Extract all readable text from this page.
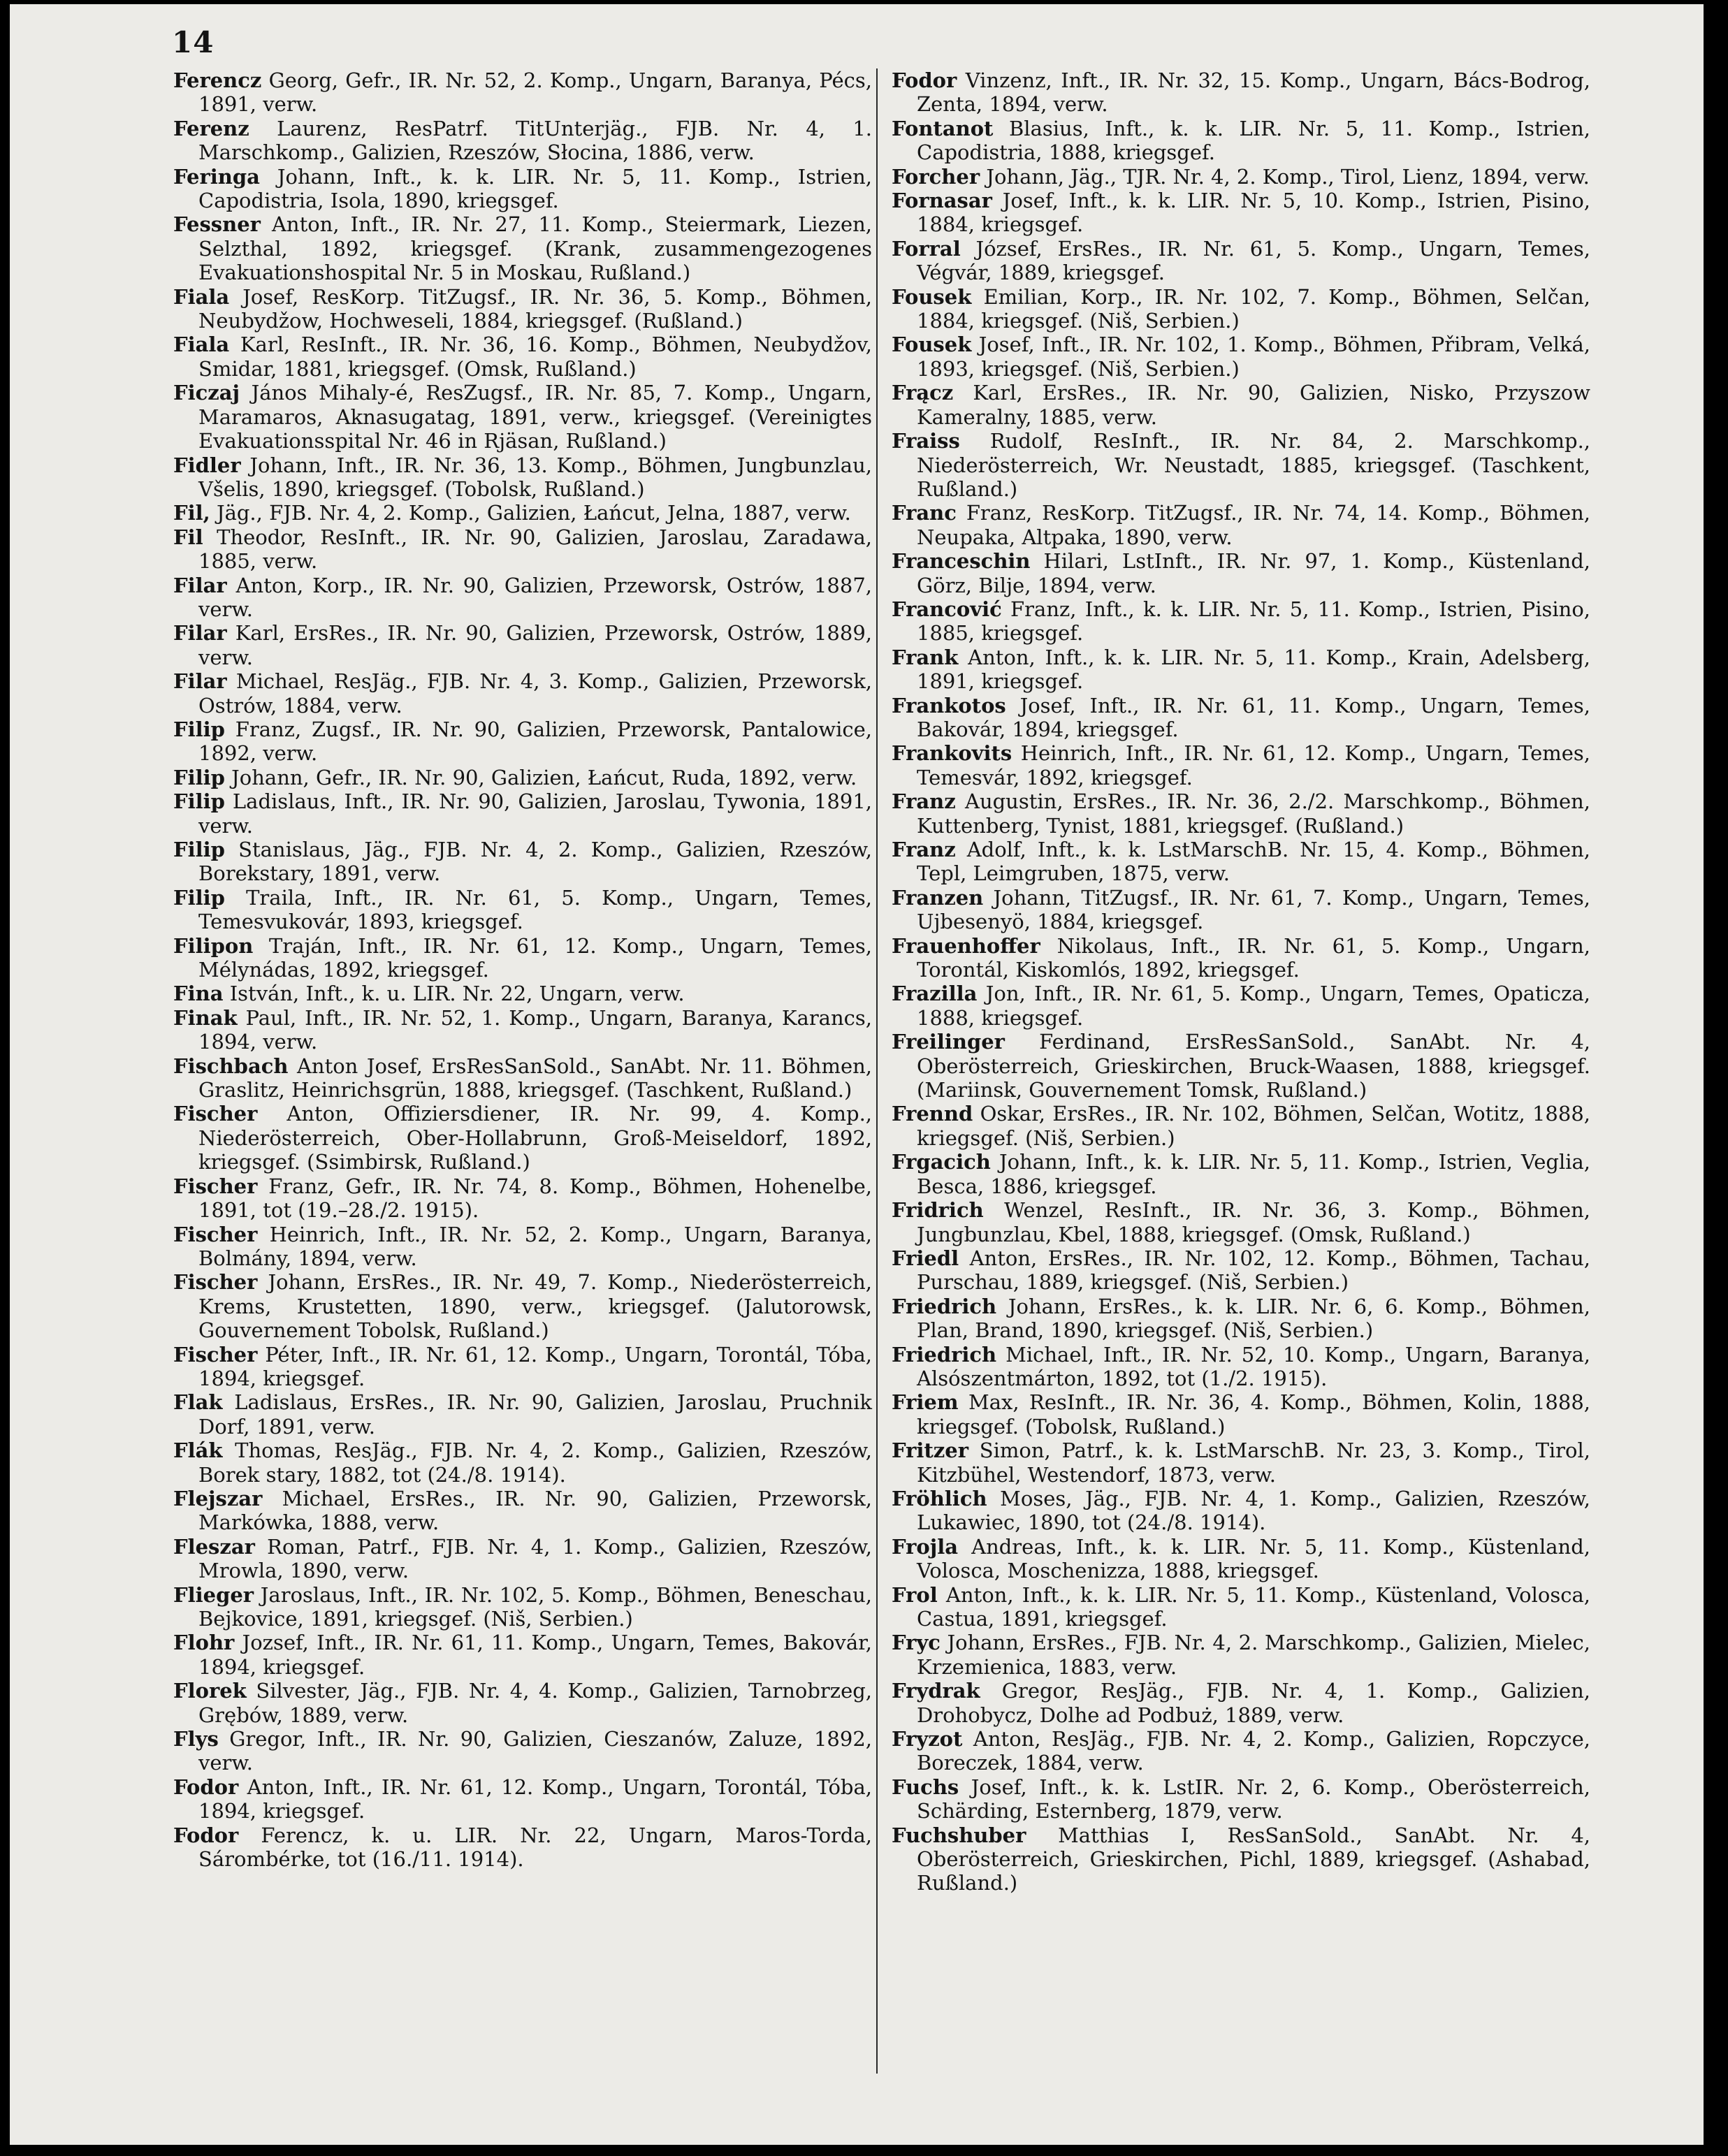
14

Ferencz Georg, Gefr., IR. Nr. 52, 2. Komp., Ungarn, Baranya, Pécs, 1891, verw.

Ferenz Laurenz, ResPatrf. TitUnterjäg., FJB. Nr. 4, 1. Marschkomp., Galizien, Rzeszów, Słocina, 1886, verw.

Feringa Johann, Inft., k. k. LIR. Nr. 5, 11. Komp., Istrien, Capodistria, Isola, 1890, kriegsgef.

Fessner Anton, Inft., IR. Nr. 27, 11. Komp., Steiermark, Liezen, Selzthal, 1892, kriegsgef. (Krank, zusammengezogenes Evakuationshospital Nr. 5 in Moskau, Rußland.)

Fiala Josef, ResKorp. TitZugsf., IR. Nr. 36, 5. Komp., Böhmen, Neubydžow, Hochweseli, 1884, kriegsgef. (Rußland.)

Fiala Karl, ResInft., IR. Nr. 36, 16. Komp., Böhmen, Neubydžov, Smidar, 1881, kriegsgef. (Omsk, Rußland.)

Ficzaj János Mihaly-é, ResZugsf., IR. Nr. 85, 7. Komp., Ungarn, Maramaros, Aknasugatag, 1891, verw., kriegsgef. (Vereinigtes Evakuationsspital Nr. 46 in Rjäsan, Rußland.)

Fidler Johann, Inft., IR. Nr. 36, 13. Komp., Böhmen, Jungbunzlau, Všelis, 1890, kriegsgef. (Tobolsk, Rußland.)

Fil, Jäg., FJB. Nr. 4, 2. Komp., Galizien, Łańcut, Jelna, 1887, verw.

Fil Theodor, ResInft., IR. Nr. 90, Galizien, Jaroslau, Zaradawa, 1885, verw.

Filar Anton, Korp., IR. Nr. 90, Galizien, Przeworsk, Ostrów, 1887, verw.

Filar Karl, ErsRes., IR. Nr. 90, Galizien, Przeworsk, Ostrów, 1889, verw.

Filar Michael, ResJäg., FJB. Nr. 4, 3. Komp., Galizien, Przeworsk, Ostrów, 1884, verw.

Filip Franz, Zugsf., IR. Nr. 90, Galizien, Przeworsk, Pantalowice, 1892, verw.

Filip Johann, Gefr., IR. Nr. 90, Galizien, Łańcut, Ruda, 1892, verw.

Filip Ladislaus, Inft., IR. Nr. 90, Galizien, Jaroslau, Tywonia, 1891, verw.

Filip Stanislaus, Jäg., FJB. Nr. 4, 2. Komp., Galizien, Rzeszów, Borekstary, 1891, verw.

Filip Traila, Inft., IR. Nr. 61, 5. Komp., Ungarn, Temes, Temesvukovár, 1893, kriegsgef.

Filipon Traján, Inft., IR. Nr. 61, 12. Komp., Ungarn, Temes, Mélynádas, 1892, kriegsgef.

Fina István, Inft., k. u. LIR. Nr. 22, Ungarn, verw.

Finak Paul, Inft., IR. Nr. 52, 1. Komp., Ungarn, Baranya, Karancs, 1894, verw.

Fischbach Anton Josef, ErsResSanSold., SanAbt. Nr. 11. Böhmen, Graslitz, Heinrichsgrün, 1888, kriegsgef. (Taschkent, Rußland.)

Fischer Anton, Offiziersdiener, IR. Nr. 99, 4. Komp., Niederösterreich, Ober-Hollabrunn, Groß-Meiseldorf, 1892, kriegsgef. (Ssimbirsk, Rußland.)

Fischer Franz, Gefr., IR. Nr. 74, 8. Komp., Böhmen, Hohenelbe, 1891, tot (19.–28./2. 1915).

Fischer Heinrich, Inft., IR. Nr. 52, 2. Komp., Ungarn, Baranya, Bolmány, 1894, verw.

Fischer Johann, ErsRes., IR. Nr. 49, 7. Komp., Niederösterreich, Krems, Krustetten, 1890, verw., kriegsgef. (Jalutorowsk, Gouvernement Tobolsk, Rußland.)

Fischer Péter, Inft., IR. Nr. 61, 12. Komp., Ungarn, Torontál, Tóba, 1894, kriegsgef.

Flak Ladislaus, ErsRes., IR. Nr. 90, Galizien, Jaroslau, Pruchnik Dorf, 1891, verw.

Flák Thomas, ResJäg., FJB. Nr. 4, 2. Komp., Galizien, Rzeszów, Borek stary, 1882, tot (24./8. 1914).

Flejszar Michael, ErsRes., IR. Nr. 90, Galizien, Przeworsk, Markówka, 1888, verw.

Fleszar Roman, Patrf., FJB. Nr. 4, 1. Komp., Galizien, Rzeszów, Mrowla, 1890, verw.

Flieger Jaroslaus, Inft., IR. Nr. 102, 5. Komp., Böhmen, Beneschau, Bejkovice, 1891, kriegsgef. (Niš, Serbien.)

Flohr Jozsef, Inft., IR. Nr. 61, 11. Komp., Ungarn, Temes, Bakovár, 1894, kriegsgef.

Florek Silvester, Jäg., FJB. Nr. 4, 4. Komp., Galizien, Tarnobrzeg, Grębów, 1889, verw.

Flys Gregor, Inft., IR. Nr. 90, Galizien, Cieszanów, Zaluze, 1892, verw.

Fodor Anton, Inft., IR. Nr. 61, 12. Komp., Ungarn, Torontál, Tóba, 1894, kriegsgef.

Fodor Ferencz, k. u. LIR. Nr. 22, Ungarn, Maros-Torda, Sárombérke, tot (16./11. 1914).

Fodor Vinzenz, Inft., IR. Nr. 32, 15. Komp., Ungarn, Bács-Bodrog, Zenta, 1894, verw.

Fontanot Blasius, Inft., k. k. LIR. Nr. 5, 11. Komp., Istrien, Capodistria, 1888, kriegsgef.

Forcher Johann, Jäg., TJR. Nr. 4, 2. Komp., Tirol, Lienz, 1894, verw.

Fornasar Josef, Inft., k. k. LIR. Nr. 5, 10. Komp., Istrien, Pisino, 1884, kriegsgef.

Forral József, ErsRes., IR. Nr. 61, 5. Komp., Ungarn, Temes, Végvár, 1889, kriegsgef.

Fousek Emilian, Korp., IR. Nr. 102, 7. Komp., Böhmen, Selčan, 1884, kriegsgef. (Niš, Serbien.)

Fousek Josef, Inft., IR. Nr. 102, 1. Komp., Böhmen, Přibram, Velká, 1893, kriegsgef. (Niš, Serbien.)

Frącz Karl, ErsRes., IR. Nr. 90, Galizien, Nisko, Przyszow Kameralny, 1885, verw.

Fraiss Rudolf, ResInft., IR. Nr. 84, 2. Marschkomp., Niederösterreich, Wr. Neustadt, 1885, kriegsgef. (Taschkent, Rußland.)

Franc Franz, ResKorp. TitZugsf., IR. Nr. 74, 14. Komp., Böhmen, Neupaka, Altpaka, 1890, verw.

Franceschin Hilari, LstInft., IR. Nr. 97, 1. Komp., Küstenland, Görz, Bilje, 1894, verw.

Francović Franz, Inft., k. k. LIR. Nr. 5, 11. Komp., Istrien, Pisino, 1885, kriegsgef.

Frank Anton, Inft., k. k. LIR. Nr. 5, 11. Komp., Krain, Adelsberg, 1891, kriegsgef.

Frankotos Josef, Inft., IR. Nr. 61, 11. Komp., Ungarn, Temes, Bakovár, 1894, kriegsgef.

Frankovits Heinrich, Inft., IR. Nr. 61, 12. Komp., Ungarn, Temes, Temesvár, 1892, kriegsgef.

Franz Augustin, ErsRes., IR. Nr. 36, 2./2. Marschkomp., Böhmen, Kuttenberg, Tynist, 1881, kriegsgef. (Rußland.)

Franz Adolf, Inft., k. k. LstMarschB. Nr. 15, 4. Komp., Böhmen, Tepl, Leimgruben, 1875, verw.

Franzen Johann, TitZugsf., IR. Nr. 61, 7. Komp., Ungarn, Temes, Ujbesenyö, 1884, kriegsgef.

Frauenhoffer Nikolaus, Inft., IR. Nr. 61, 5. Komp., Ungarn, Torontál, Kiskomlós, 1892, kriegsgef.

Frazilla Jon, Inft., IR. Nr. 61, 5. Komp., Ungarn, Temes, Opaticza, 1888, kriegsgef.

Freilinger Ferdinand, ErsResSanSold., SanAbt. Nr. 4, Oberösterreich, Grieskirchen, Bruck-Waasen, 1888, kriegsgef. (Mariinsk, Gouvernement Tomsk, Rußland.)

Frennd Oskar, ErsRes., IR. Nr. 102, Böhmen, Selčan, Wotitz, 1888, kriegsgef. (Niš, Serbien.)

Frgacich Johann, Inft., k. k. LIR. Nr. 5, 11. Komp., Istrien, Veglia, Besca, 1886, kriegsgef.

Fridrich Wenzel, ResInft., IR. Nr. 36, 3. Komp., Böhmen, Jungbunzlau, Kbel, 1888, kriegsgef. (Omsk, Rußland.)

Friedl Anton, ErsRes., IR. Nr. 102, 12. Komp., Böhmen, Tachau, Purschau, 1889, kriegsgef. (Niš, Serbien.)

Friedrich Johann, ErsRes., k. k. LIR. Nr. 6, 6. Komp., Böhmen, Plan, Brand, 1890, kriegsgef. (Niš, Serbien.)

Friedrich Michael, Inft., IR. Nr. 52, 10. Komp., Ungarn, Baranya, Alsószentmárton, 1892, tot (1./2. 1915).

Friem Max, ResInft., IR. Nr. 36, 4. Komp., Böhmen, Kolin, 1888, kriegsgef. (Tobolsk, Rußland.)

Fritzer Simon, Patrf., k. k. LstMarschB. Nr. 23, 3. Komp., Tirol, Kitzbühel, Westendorf, 1873, verw.

Fröhlich Moses, Jäg., FJB. Nr. 4, 1. Komp., Galizien, Rzeszów, Lukawiec, 1890, tot (24./8. 1914).

Frojla Andreas, Inft., k. k. LIR. Nr. 5, 11. Komp., Küstenland, Volosca, Moschenizza, 1888, kriegsgef.

Frol Anton, Inft., k. k. LIR. Nr. 5, 11. Komp., Küstenland, Volosca, Castua, 1891, kriegsgef.

Fryc Johann, ErsRes., FJB. Nr. 4, 2. Marschkomp., Galizien, Mielec, Krzemienica, 1883, verw.

Frydrak Gregor, ResJäg., FJB. Nr. 4, 1. Komp., Galizien, Drohobycz, Dolhe ad Podbuż, 1889, verw.

Fryzot Anton, ResJäg., FJB. Nr. 4, 2. Komp., Galizien, Ropczyce, Boreczek, 1884, verw.

Fuchs Josef, Inft., k. k. LstIR. Nr. 2, 6. Komp., Oberösterreich, Schärding, Esternberg, 1879, verw.

Fuchshuber Matthias I, ResSanSold., SanAbt. Nr. 4, Oberösterreich, Grieskirchen, Pichl, 1889, kriegsgef. (Ashabad, Rußland.)
